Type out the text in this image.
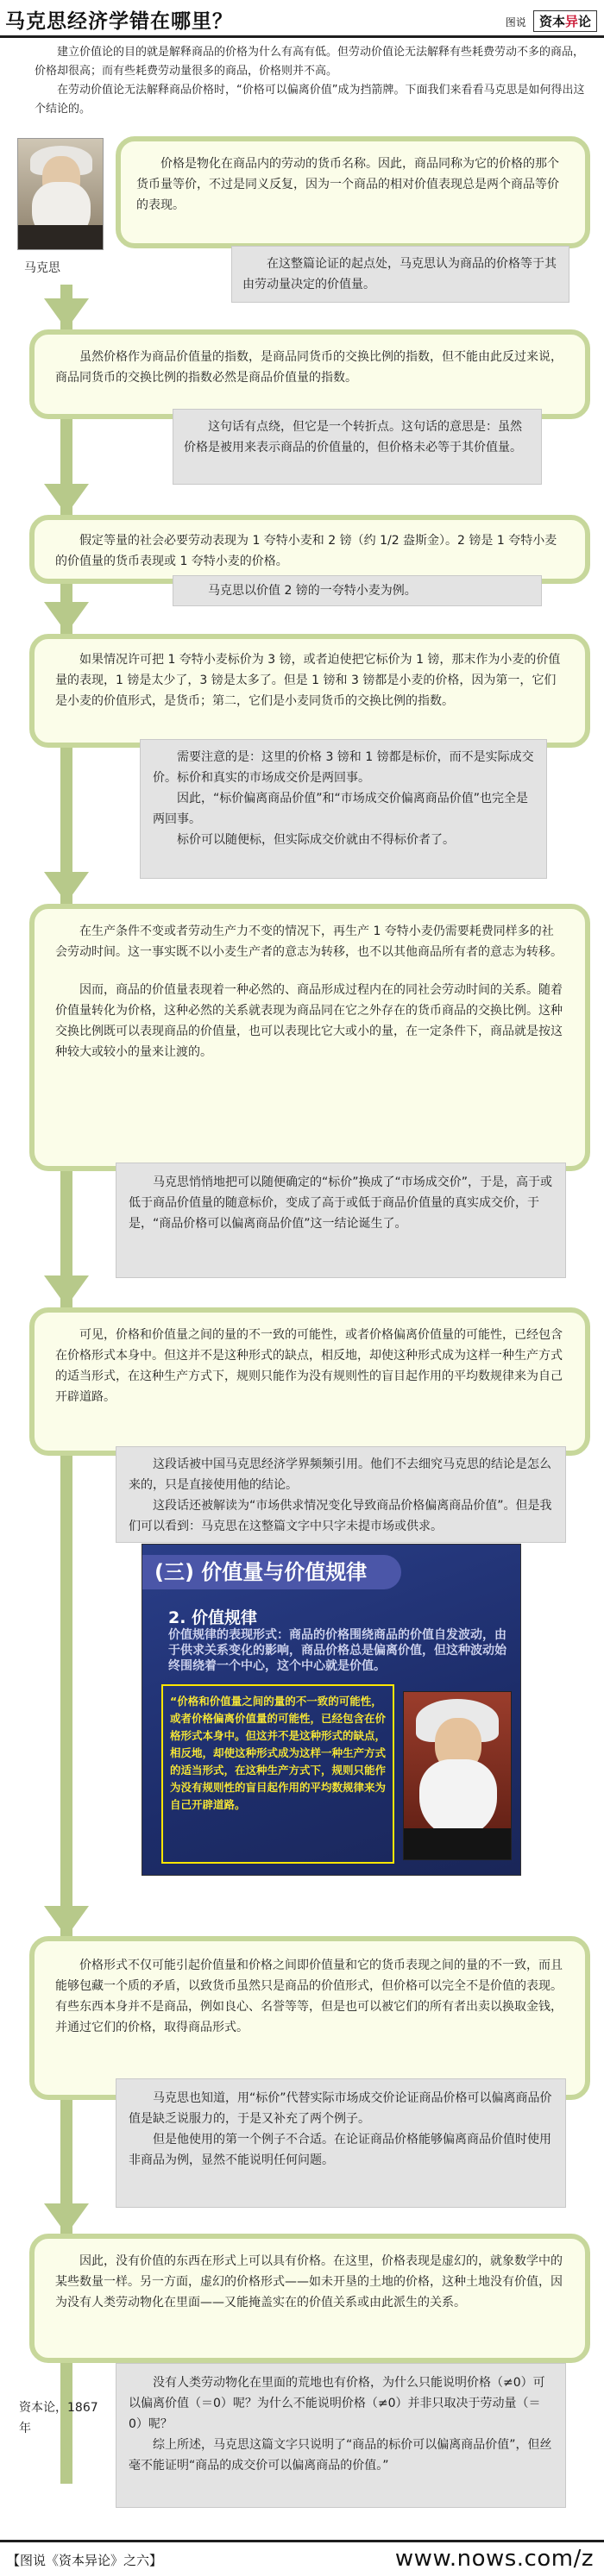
马克思经济学错在哪里？	图说 资本异论

建立价值论的目的就是解释商品的价格为什么有高有低。但劳动价值论无法解释有些耗费劳动不多的商品，价格却很高；而有些耗费劳动量很多的商品，价格则并不高。

在劳动价值论无法解释商品价格时，“价格可以偏离价值”成为挡箭牌。下面我们来看看马克思是如何得出这个结论的。

马克思

价格是物化在商品内的劳动的货币名称。因此，商品同称为它的价格的那个货币量等价，不过是同义反复，因为一个商品的相对价值表现总是两个商品等价的表现。

在这整篇论证的起点处，马克思认为商品的价格等于其由劳动量决定的价值量。

虽然价格作为商品价值量的指数，是商品同货币的交换比例的指数，但不能由此反过来说，商品同货币的交换比例的指数必然是商品价值量的指数。

这句话有点绕，但它是一个转折点。这句话的意思是：虽然价格是被用来表示商品的价值量的，但价格未必等于其价值量。

假定等量的社会必要劳动表现为 1 夸特小麦和 2 镑（约 1/2 盎斯金）。2 镑是 1 夸特小麦的价值量的货币表现或 1 夸特小麦的价格。

马克思以价值 2 镑的一夸特小麦为例。

如果情况许可把 1 夸特小麦标价为 3 镑，或者迫使把它标价为 1 镑，那末作为小麦的价值量的表现，1 镑是太少了，3 镑是太多了。但是 1 镑和 3 镑都是小麦的价格，因为第一，它们是小麦的价值形式，是货币；第二，它们是小麦同货币的交换比例的指数。

需要注意的是：这里的价格 3 镑和 1 镑都是标价，而不是实际成交价。标价和真实的市场成交价是两回事。

因此，“标价偏离商品价值”和“市场成交价偏离商品价值”也完全是两回事。

标价可以随便标，但实际成交价就由不得标价者了。

在生产条件不变或者劳动生产力不变的情况下，再生产 1 夸特小麦仍需要耗费同样多的社会劳动时间。这一事实既不以小麦生产者的意志为转移，也不以其他商品所有者的意志为转移。

因而，商品的价值量表现着一种必然的、商品形成过程内在的同社会劳动时间的关系。随着价值量转化为价格，这种必然的关系就表现为商品同在它之外存在的货币商品的交换比例。这种交换比例既可以表现商品的价值量，也可以表现比它大或小的量，在一定条件下，商品就是按这种较大或较小的量来让渡的。

马克思悄悄地把可以随便确定的“标价”换成了“市场成交价”，于是，高于或低于商品价值量的随意标价，变成了高于或低于商品价值量的真实成交价，于是，“商品价格可以偏离商品价值”这一结论诞生了。

可见，价格和价值量之间的量的不一致的可能性，或者价格偏离价值量的可能性，已经包含在价格形式本身中。但这并不是这种形式的缺点，相反地，却使这种形式成为这样一种生产方式的适当形式，在这种生产方式下，规则只能作为没有规则性的盲目起作用的平均数规律来为自己开辟道路。

这段话被中国马克思经济学界频频引用。他们不去细究马克思的结论是怎么来的，只是直接使用他的结论。

这段话还被解读为“市场供求情况变化导致商品价格偏离商品价值”。但是我们可以看到：马克思在这整篇文字中只字未提市场或供求。

(三) 价值量与价值规律
2. 价值规律
价值规律的表现形式：商品的价格围绕商品的价值自发波动，由于供求关系变化的影响，商品价格总是偏离价值，但这种波动始终围绕着一个中心，这个中心就是价值。
“价格和价值量之间的量的不一致的可能性，或者价格偏离价值量的可能性，已经包含在价格形式本身中。但这并不是这种形式的缺点，相反地，却使这种形式成为这样一种生产方式的适当形式，在这种生产方式下，规则只能作为没有规则性的盲目起作用的平均数规律来为自己开辟道路。

价格形式不仅可能引起价值量和价格之间即价值量和它的货币表现之间的量的不一致，而且能够包藏一个质的矛盾，以致货币虽然只是商品的价值形式，但价格可以完全不是价值的表现。有些东西本身并不是商品，例如良心、名誉等等，但是也可以被它们的所有者出卖以换取金钱，并通过它们的价格，取得商品形式。

马克思也知道，用“标价”代替实际市场成交价论证商品价格可以偏离商品价值是缺乏说服力的，于是又补充了两个例子。

但是他使用的第一个例子不合适。在论证商品价格能够偏离商品价值时使用非商品为例，显然不能说明任何问题。

因此，没有价值的东西在形式上可以具有价格。在这里，价格表现是虚幻的，就象数学中的某些数量一样。另一方面，虚幻的价格形式——如未开垦的土地的价格，这种土地没有价值，因为没有人类劳动物化在里面——又能掩盖实在的价值关系或由此派生的关系。

没有人类劳动物化在里面的荒地也有价格，为什么只能说明价格（≠0）可以偏离价值（＝0）呢？为什么不能说明价格（≠0）并非只取决于劳动量（＝0）呢？

综上所述，马克思这篇文字只说明了“商品的标价可以偏离商品价值”，但丝毫不能证明“商品的成交价可以偏离商品的价值。”

资本论，1867年
【图说《资本异论》之六】	www.nows.com/z
